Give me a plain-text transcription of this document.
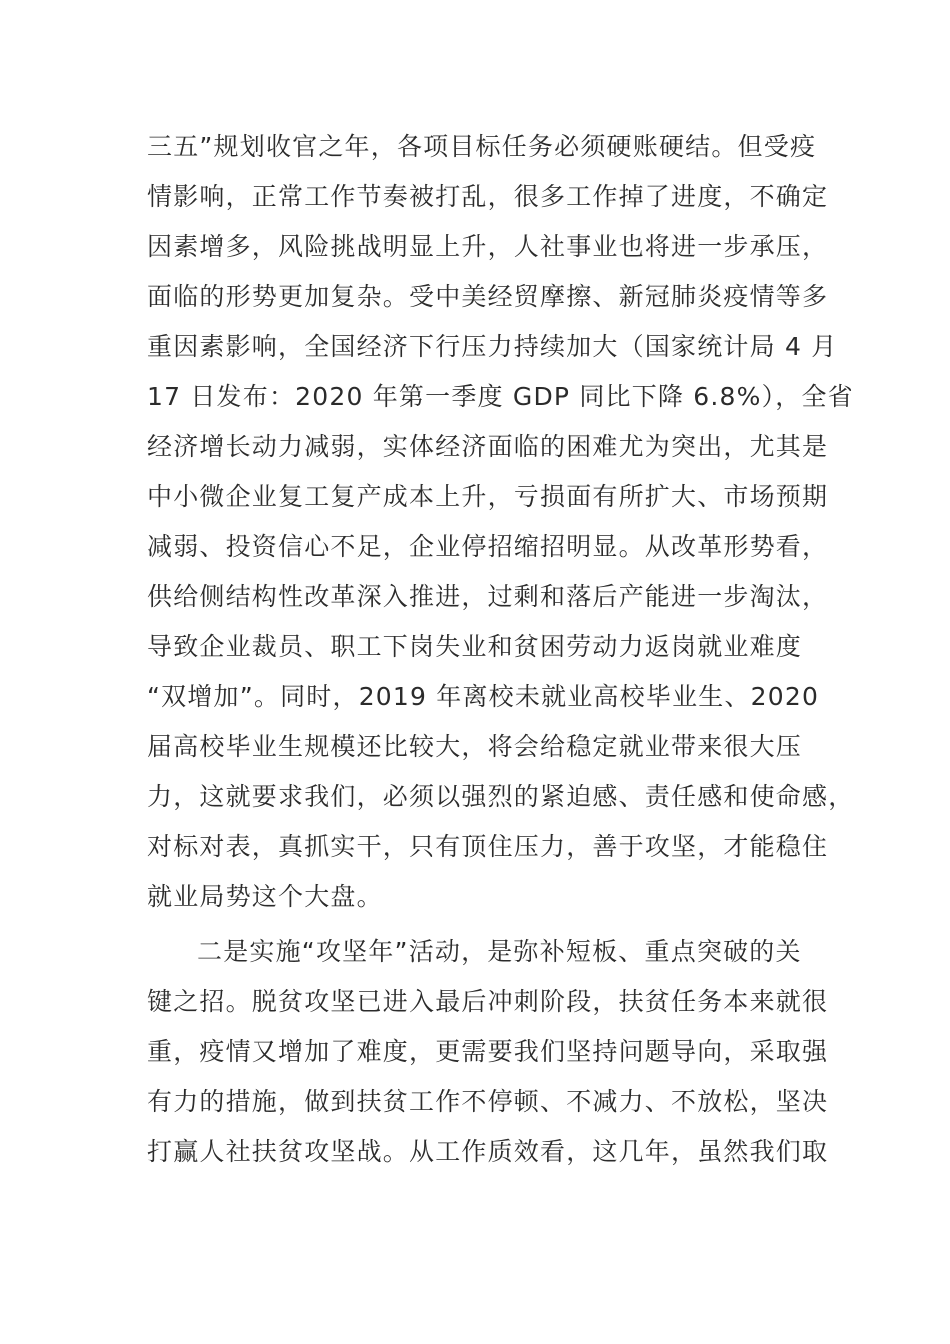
三五”规划收官之年，各项目标任务必须硬账硬结。但受疫
情影响，正常工作节奏被打乱，很多工作掉了进度，不确定
因素增多，风险挑战明显上升，人社事业也将进一步承压，
面临的形势更加复杂。受中美经贸摩擦、新冠肺炎疫情等多
重因素影响，全国经济下行压力持续加大（国家统计局 4 月
17 日发布：2020 年第一季度 GDP 同比下降 6.8%），全省
经济增长动力减弱，实体经济面临的困难尤为突出，尤其是
中小微企业复工复产成本上升，亏损面有所扩大、市场预期
减弱、投资信心不足，企业停招缩招明显。从改革形势看，
供给侧结构性改革深入推进，过剩和落后产能进一步淘汰，
导致企业裁员、职工下岗失业和贫困劳动力返岗就业难度
“双增加”。同时，2019 年离校未就业高校毕业生、2020
届高校毕业生规模还比较大，将会给稳定就业带来很大压
力，这就要求我们，必须以强烈的紧迫感、责任感和使命感，
对标对表，真抓实干，只有顶住压力，善于攻坚，才能稳住
就业局势这个大盘。
二是实施“攻坚年”活动，是弥补短板、重点突破的关
键之招。脱贫攻坚已进入最后冲刺阶段，扶贫任务本来就很
重，疫情又增加了难度，更需要我们坚持问题导向，采取强
有力的措施，做到扶贫工作不停顿、不减力、不放松，坚决
打赢人社扶贫攻坚战。从工作质效看，这几年，虽然我们取
